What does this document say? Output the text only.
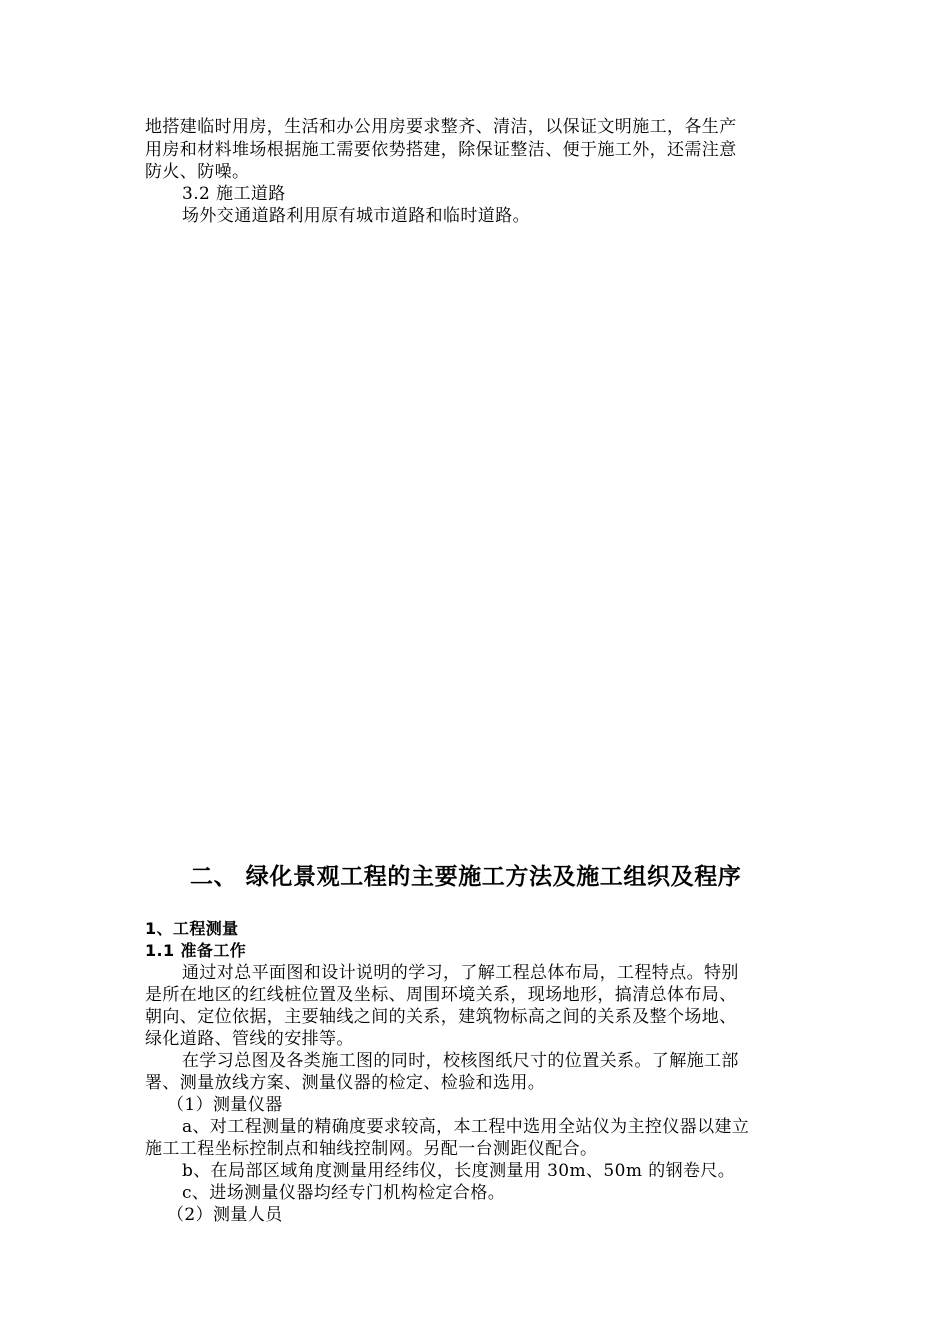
地搭建临时用房，生活和办公用房要求整齐、清洁，以保证文明施工，各生产
用房和材料堆场根据施工需要依势搭建，除保证整洁、便于施工外，还需注意
防火、防噪。
3.2 施工道路
场外交通道路利用原有城市道路和临时道路。
二、 绿化景观工程的主要施工方法及施工组织及程序
1、工程测量
1.1 准备工作
通过对总平面图和设计说明的学习，了解工程总体布局，工程特点。特别
是所在地区的红线桩位置及坐标、周围环境关系，现场地形，搞清总体布局、
朝向、定位依据，主要轴线之间的关系，建筑物标高之间的关系及整个场地、
绿化道路、管线的安排等。
在学习总图及各类施工图的同时，校核图纸尺寸的位置关系。了解施工部
署、测量放线方案、测量仪器的检定、检验和选用。
（1）测量仪器
a、对工程测量的精确度要求较高，本工程中选用全站仪为主控仪器以建立
施工工程坐标控制点和轴线控制网。另配一台测距仪配合。
b、在局部区域角度测量用经纬仪，长度测量用 30m、50m 的钢卷尺。
c、进场测量仪器均经专门机构检定合格。
（2）测量人员
